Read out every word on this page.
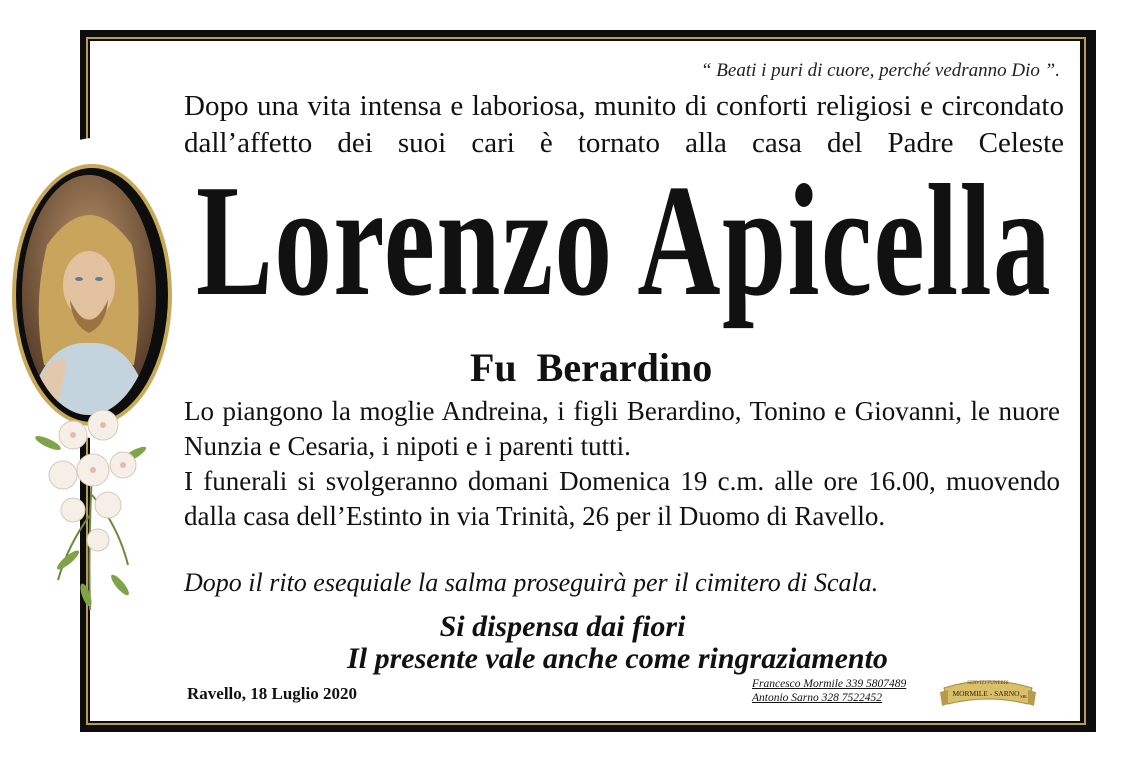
“ Beati i puri di cuore, perché vedranno Dio ”.

Dopo una vita intensa e laboriosa, munito di conforti religiosi e circondato dall’affetto dei suoi cari è tornato alla casa del Padre Celeste

Lorenzo Apicella

Fu Berardino

Lo piangono la moglie Andreina, i figli Berardino, Tonino e Giovanni, le nuore Nunzia e Cesaria, i nipoti e i parenti tutti.

I funerali si svolgeranno domani Domenica 19 c.m. alle ore 16.00, muovendo dalla casa dell’Estinto in via Trinità, 26 per il Duomo di Ravello.

Dopo il rito esequiale la salma proseguirà per il cimitero di Scala.

Si dispensa dai fiori

Il presente vale anche come ringraziamento

Ravello, 18 Luglio 2020	Francesco Mormile 339 5807489
Antonio Sarno 328 7522452
SERVIZI FUNEBRI
MORMILE - SARNO SRL
